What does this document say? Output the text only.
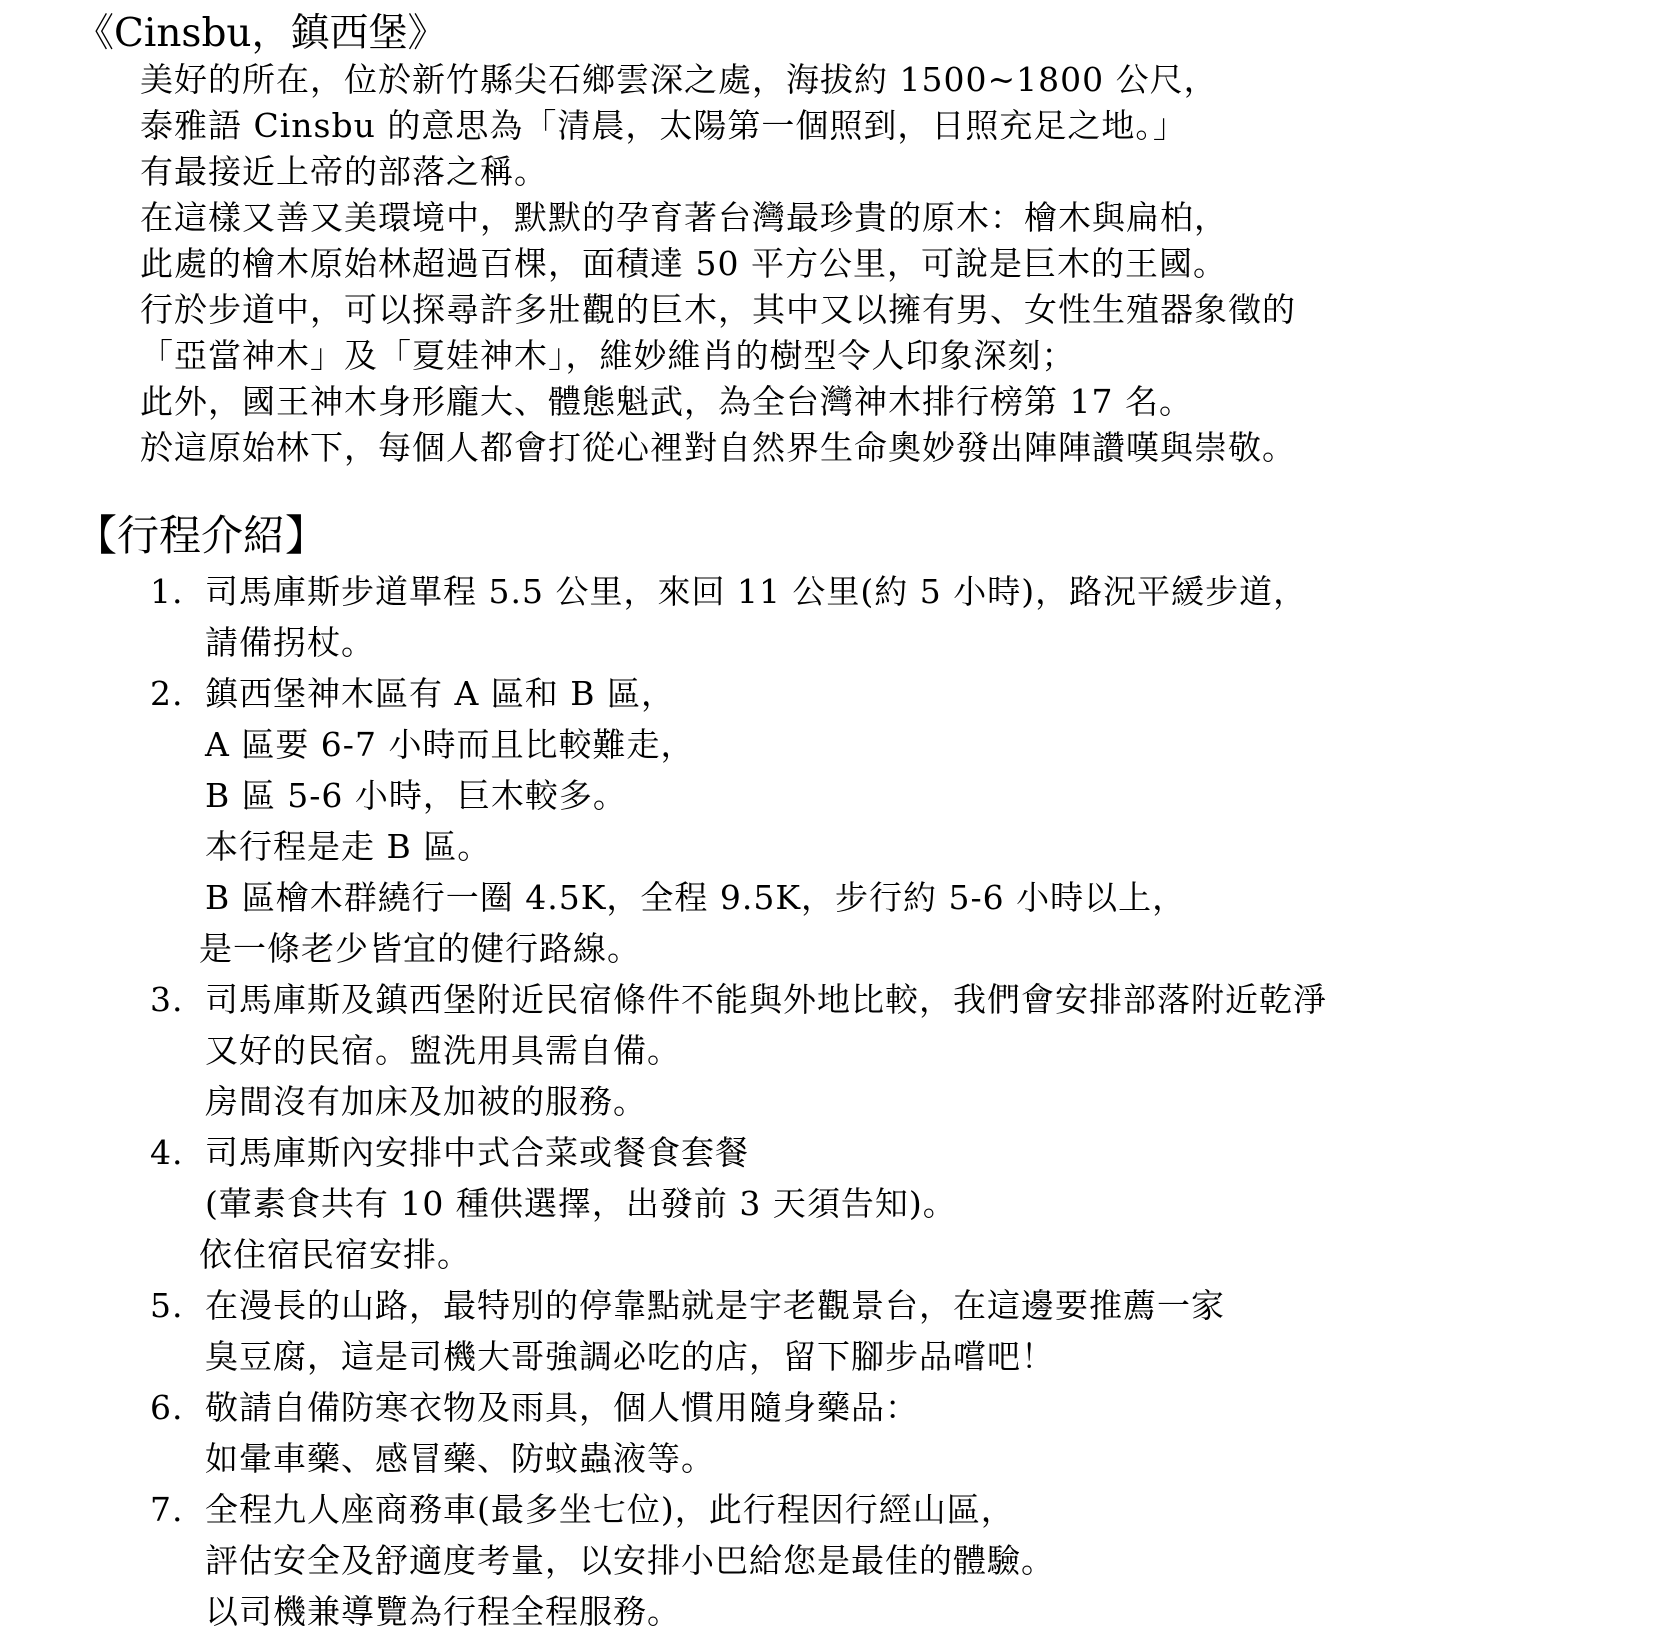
《Cinsbu，鎮西堡》
美好的所在，位於新竹縣尖石鄉雲深之處，海拔約 1500~1800 公尺，
泰雅語 Cinsbu 的意思為「清晨，太陽第一個照到，日照充足之地。」
有最接近上帝的部落之稱。
在這樣又善又美環境中，默默的孕育著台灣最珍貴的原木：檜木與扁柏，
此處的檜木原始林超過百棵，面積達 50 平方公里，可說是巨木的王國。
行於步道中，可以探尋許多壯觀的巨木，其中又以擁有男、女性生殖器象徵的
「亞當神木」及「夏娃神木」，維妙維肖的樹型令人印象深刻；
此外，國王神木身形龐大、體態魁武，為全台灣神木排行榜第 17 名。
於這原始林下，每個人都會打從心裡對自然界生命奧妙發出陣陣讚嘆與崇敬。
【行程介紹】
1. 司馬庫斯步道單程 5.5 公里，來回 11 公里(約 5 小時)，路況平緩步道，
請備拐杖。
2. 鎮西堡神木區有 A 區和 B 區，
A 區要 6-7 小時而且比較難走，
B 區 5-6 小時，巨木較多。
本行程是走 B 區。
B 區檜木群繞行一圈 4.5K，全程 9.5K，步行約 5-6 小時以上，
是一條老少皆宜的健行路線。
3. 司馬庫斯及鎮西堡附近民宿條件不能與外地比較，我們會安排部落附近乾淨
又好的民宿。盥洗用具需自備。
房間沒有加床及加被的服務。
4. 司馬庫斯內安排中式合菜或餐食套餐
(葷素食共有 10 種供選擇，出發前 3 天須告知)。
依住宿民宿安排。
5. 在漫長的山路，最特別的停靠點就是宇老觀景台，在這邊要推薦一家
臭豆腐，這是司機大哥強調必吃的店，留下腳步品嚐吧！
6. 敬請自備防寒衣物及雨具，個人慣用隨身藥品：
如暈車藥、感冒藥、防蚊蟲液等。
7. 全程九人座商務車(最多坐七位)，此行程因行經山區，
評估安全及舒適度考量，以安排小巴給您是最佳的體驗。
以司機兼導覽為行程全程服務。
